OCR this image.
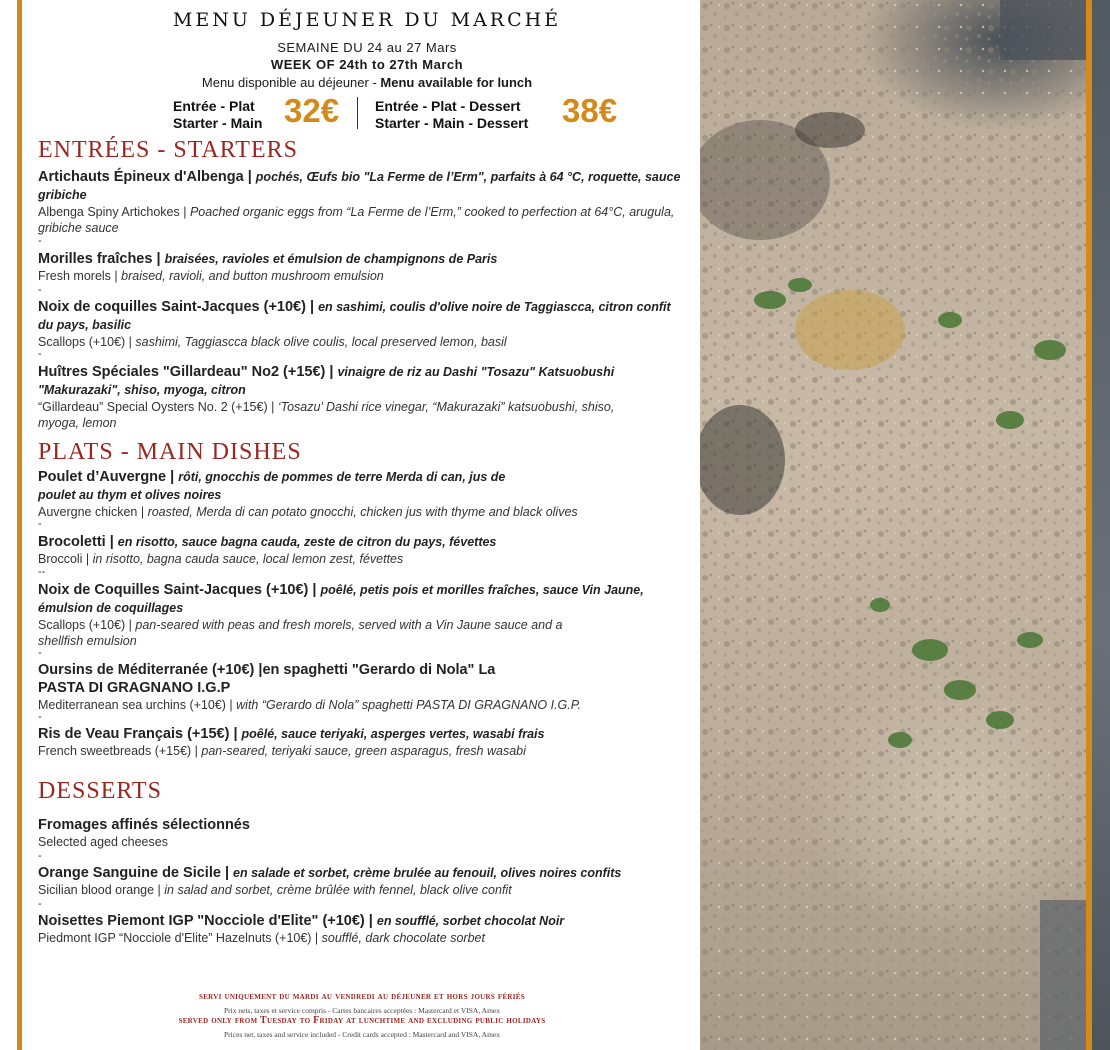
MENU DÉJEUNER DU MARCHÉ
SEMAINE DU 24 au 27 Mars
WEEK OF 24th to 27th March
Menu disponible au déjeuner - Menu available for lunch
Entrée - Plat
Starter - Main 32€	Entrée - Plat - Dessert
Starter - Main - Dessert 38€
ENTRÉES - STARTERS
Artichauts Épineux d'Albenga | pochés, Œufs bio "La Ferme de l’Erm", parfaits à 64 °C, roquette, sauce gribiche
Albenga Spiny Artichokes | Poached organic eggs from “La Ferme de l’Erm,” cooked to perfection at 64°C, arugula, gribiche sauce
-
Morilles fraîches | braisées, ravioles et émulsion de champignons de Paris
Fresh morels | braised, ravioli, and button mushroom emulsion
-
Noix de coquilles Saint-Jacques (+10€) | en sashimi, coulis d'olive noire de Taggiascca, citron confit du pays, basilic
Scallops (+10€) | sashimi, Taggiascca black olive coulis, local preserved lemon, basil
-
Huîtres Spéciales "Gillardeau" No2 (+15€) | vinaigre de riz au Dashi "Tosazu" Katsuobushi "Makurazaki", shiso, myoga, citron
“Gillardeau” Special Oysters No. 2 (+15€) | ‘Tosazu’ Dashi rice vinegar, “Makurazaki” katsuobushi, shiso, myoga, lemon
PLATS - MAIN DISHES
Poulet d’Auvergne | rôti, gnocchis de pommes de terre Merda di can, jus de poulet au thym et olives noires
Auvergne chicken | roasted, Merda di can potato gnocchi, chicken jus with thyme and black olives
-
Brocoletti | en risotto, sauce bagna cauda, zeste de citron du pays, févettes
Broccoli | in risotto, bagna cauda sauce, local lemon zest, févettes
--
Noix de Coquilles Saint-Jacques (+10€) | poêlé, petis pois et morilles fraîches, sauce Vin Jaune, émulsion de coquillages
Scallops (+10€) | pan-seared with peas and fresh morels, served with a Vin Jaune sauce and a shellfish emulsion
-
Oursins de Méditerranée (+10€) |en spaghetti "Gerardo di Nola" La PASTA DI GRAGNANO I.G.P
Mediterranean sea urchins (+10€) | with “Gerardo di Nola” spaghetti PASTA DI GRAGNANO I.G.P.
-
Ris de Veau Français (+15€) | poêlé, sauce teriyaki, asperges vertes, wasabi frais
French sweetbreads (+15€) | pan-seared, teriyaki sauce, green asparagus, fresh wasabi
DESSERTS
Fromages affinés sélectionnés
Selected aged cheeses
-
Orange Sanguine de Sicile | en salade et sorbet, crème brulée au fenouil, olives noires confits
Sicilian blood orange | in salad and sorbet, crème brûlée with fennel, black olive confit
-
Noisettes Piemont IGP "Nocciole d'Elite" (+10€) | en soufflé, sorbet chocolat Noir
Piedmont IGP “Nocciole d'Elite” Hazelnuts (+10€) | soufflé, dark chocolate sorbet
servi uniquement du mardi au vendredi au déjeuner et hors jours fériés
Prix nets, taxes et service compris - Cartes bancaires acceptées : Mastercard et VISA, Amex
served only from Tuesday to Friday at lunchtime and excluding public holidays
Prices net, taxes and service included - Credit cards accepted : Mastercard and VISA, Amex
